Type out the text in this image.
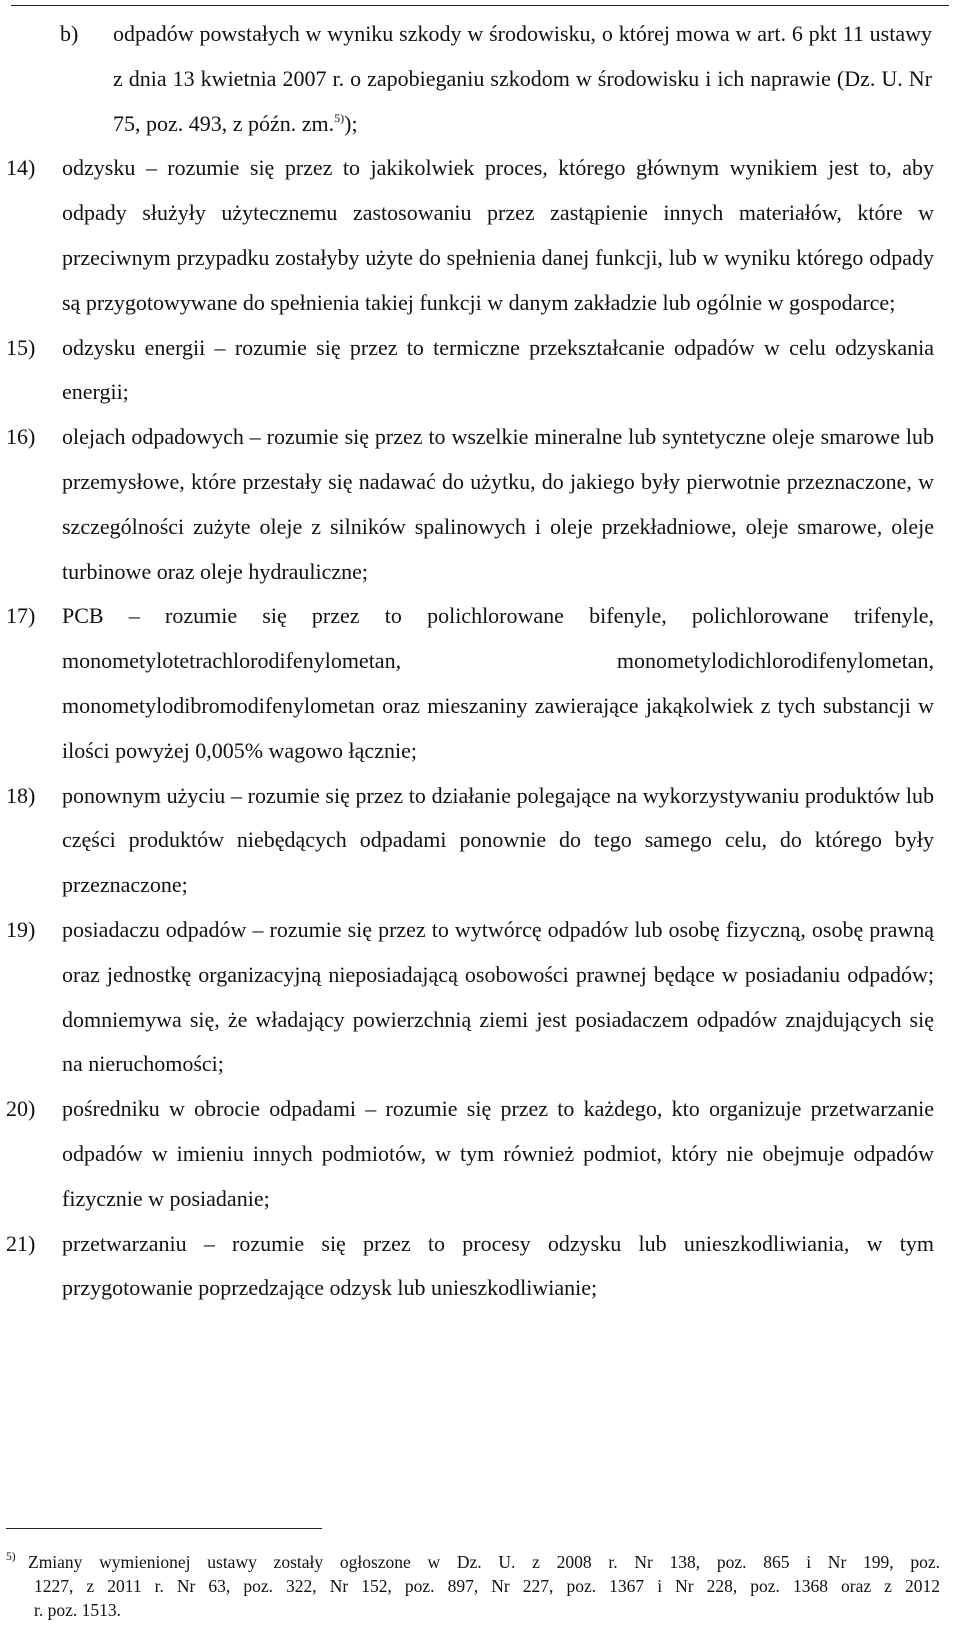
b) odpadów powstałych w wyniku szkody w środowisku, o której mowa w art. 6 pkt 11 ustawy z dnia 13 kwietnia 2007 r. o zapobieganiu szkodom w środowisku i ich naprawie (Dz. U. Nr 75, poz. 493, z późn. zm.$^{5)}$);
14) odzysku – rozumie się przez to jakikolwiek proces, którego głównym wynikiem jest to, aby odpady służyły użytecznemu zastosowaniu przez zastąpienie innych materiałów, które w przeciwnym przypadku zostałyby użyte do spełnienia danej funkcji, lub w wyniku którego odpady są przygotowywane do spełnienia takiej funkcji w danym zakładzie lub ogólnie w gospodarce;
15) odzysku energii – rozumie się przez to termiczne przekształcanie odpadów w celu odzyskania energii;
16) olejach odpadowych – rozumie się przez to wszelkie mineralne lub syntetyczne oleje smarowe lub przemysłowe, które przestały się nadawać do użytku, do jakiego były pierwotnie przeznaczone, w szczególności zużyte oleje z silników spalinowych i oleje przekładniowe, oleje smarowe, oleje turbinowe oraz oleje hydrauliczne;
17) PCB – rozumie się przez to polichlorowane bifenyle, polichlorowane trifenyle, monometylotetrachlorodifenylometan, monometylodichlorodifenylometan, monometylodibromodifenylometan oraz mieszaniny zawierające jakąkolwiek z tych substancji w ilości powyżej 0,005% wagowo łącznie;
18) ponownym użyciu – rozumie się przez to działanie polegające na wykorzystywaniu produktów lub części produktów niebędących odpadami ponownie do tego samego celu, do którego były przeznaczone;
19) posiadaczu odpadów – rozumie się przez to wytwórcę odpadów lub osobę fizyczną, osobę prawną oraz jednostkę organizacyjną nieposiadającą osobowości prawnej będące w posiadaniu odpadów; domniemywa się, że władający powierzchnią ziemi jest posiadaczem odpadów znajdujących się na nieruchomości;
20) pośredniku w obrocie odpadami – rozumie się przez to każdego, kto organizuje przetwarzanie odpadów w imieniu innych podmiotów, w tym również podmiot, który nie obejmuje odpadów fizycznie w posiadanie;
21) przetwarzaniu – rozumie się przez to procesy odzysku lub unieszkodliwiania, w tym przygotowanie poprzedzające odzysk lub unieszkodliwianie;
5) Zmiany wymienionej ustawy zostały ogłoszone w Dz. U. z 2008 r. Nr 138, poz. 865 i Nr 199, poz.
1227, z 2011 r. Nr 63, poz. 322, Nr 152, poz. 897, Nr 227, poz. 1367 i Nr 228, poz. 1368 oraz z 2012
r. poz. 1513.
